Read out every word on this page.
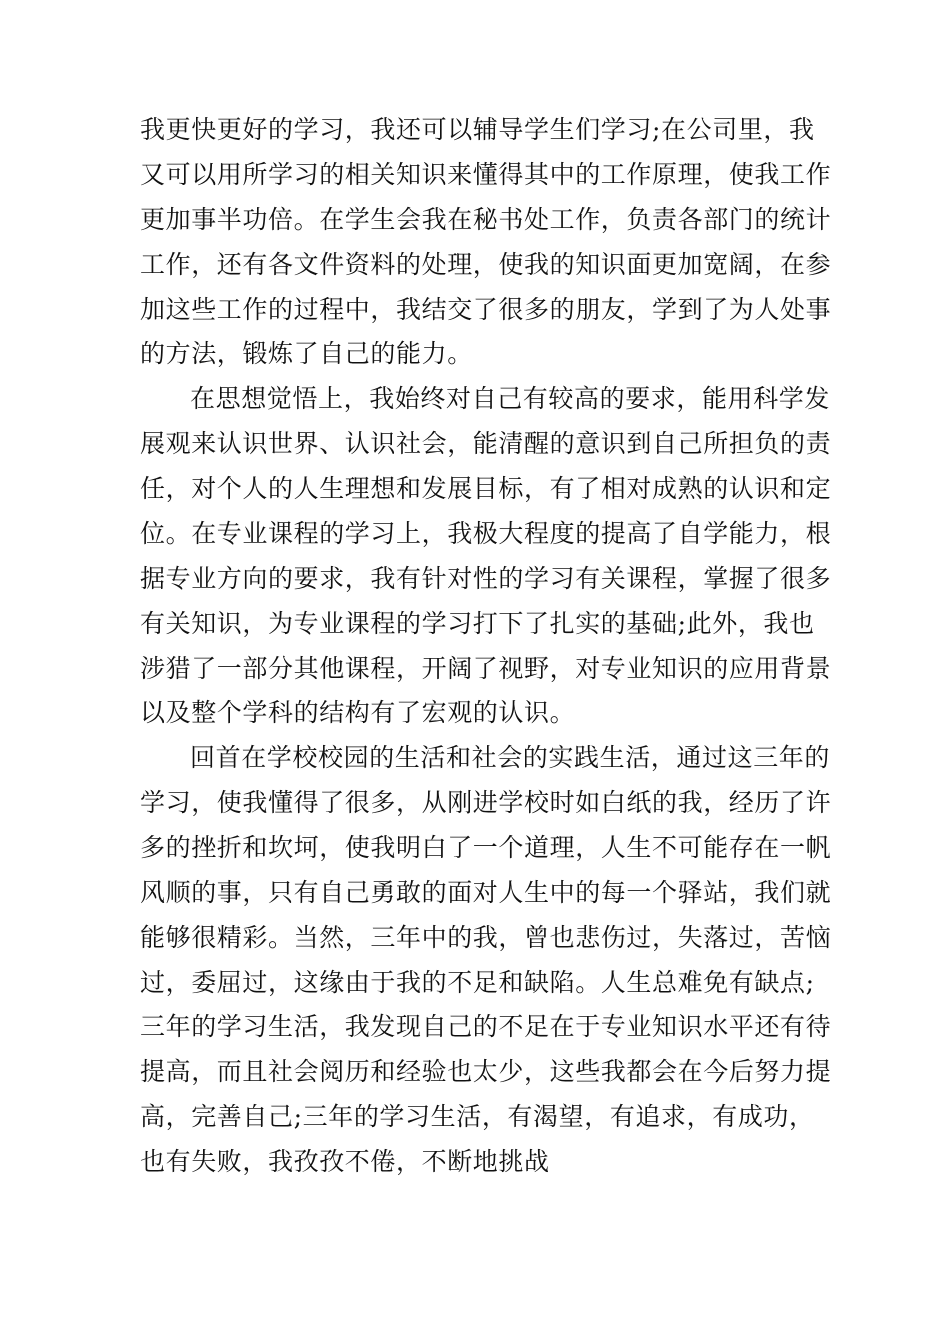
我更快更好的学习，我还可以辅导学生们学习;在公司里，我
又可以用所学习的相关知识来懂得其中的工作原理，使我工作
更加事半功倍。在学生会我在秘书处工作，负责各部门的统计
工作，还有各文件资料的处理，使我的知识面更加宽阔，在参
加这些工作的过程中，我结交了很多的朋友，学到了为人处事
的方法，锻炼了自己的能力。
在思想觉悟上，我始终对自己有较高的要求，能用科学发
展观来认识世界、认识社会，能清醒的意识到自己所担负的责
任，对个人的人生理想和发展目标，有了相对成熟的认识和定
位。在专业课程的学习上，我极大程度的提高了自学能力，根
据专业方向的要求，我有针对性的学习有关课程，掌握了很多
有关知识，为专业课程的学习打下了扎实的基础;此外，我也
涉猎了一部分其他课程，开阔了视野，对专业知识的应用背景
以及整个学科的结构有了宏观的认识。
回首在学校校园的生活和社会的实践生活，通过这三年的
学习，使我懂得了很多，从刚进学校时如白纸的我，经历了许
多的挫折和坎坷，使我明白了一个道理，人生不可能存在一帆
风顺的事，只有自己勇敢的面对人生中的每一个驿站，我们就
能够很精彩。当然，三年中的我，曾也悲伤过，失落过，苦恼
过，委屈过，这缘由于我的不足和缺陷。人生总难免有缺点;
三年的学习生活，我发现自己的不足在于专业知识水平还有待
提高，而且社会阅历和经验也太少，这些我都会在今后努力提
高，完善自己;三年的学习生活，有渴望，有追求，有成功，
也有失败，我孜孜不倦，不断地挑战
